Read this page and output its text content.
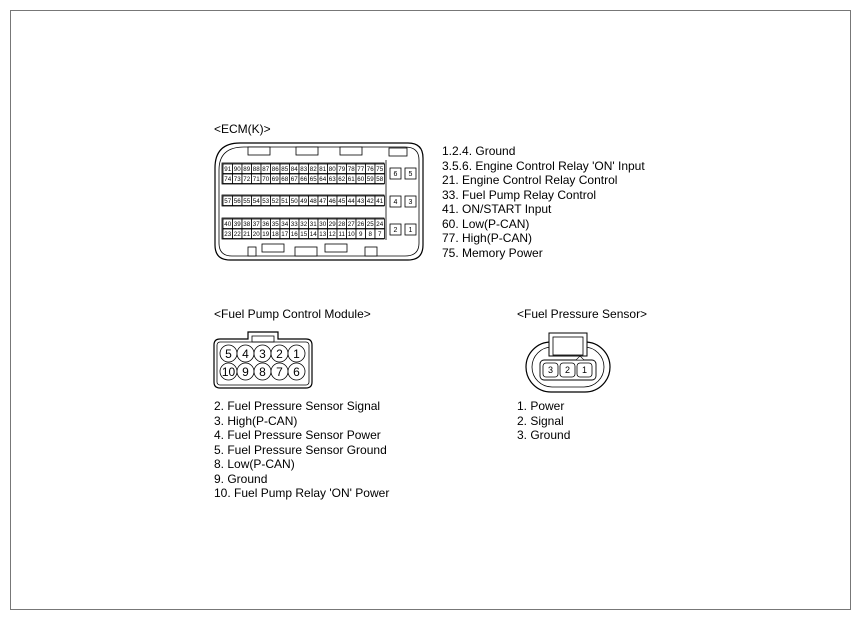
<ECM(K)>
91 90 89 88 87 86 85 84 83 82 81 80 79 78 77 76 75
74 73 72 71 70 69 68 67 66 65 64 63 62 61 60 59 58
57 56 55 54 53 52 51 50 49 48 47 46 45 44 43 42 41
40 39 38 37 36 35 34 33 32 31 30 29 28 27 26 25 24
23 22 21 20 19 18 17 16 15 14 13 12 11 10 9 8 7
6 5
4 3
2 1
1.2.4. Ground
3.5.6. Engine Control Relay 'ON' Input
21. Engine Control Relay Control
33. Fuel Pump Relay Control
41. ON/START Input
60. Low(P-CAN)
77. High(P-CAN)
75. Memory Power
<Fuel Pump Control Module>
5 4 3 2 1
10 9 8 7 6
2. Fuel Pressure Sensor Signal
3. High(P-CAN)
4. Fuel Pressure Sensor Power
5. Fuel Pressure Sensor Ground
8. Low(P-CAN)
9. Ground
10. Fuel Pump Relay 'ON' Power
<Fuel Pressure Sensor>
3 2 1
1. Power
2. Signal
3. Ground
